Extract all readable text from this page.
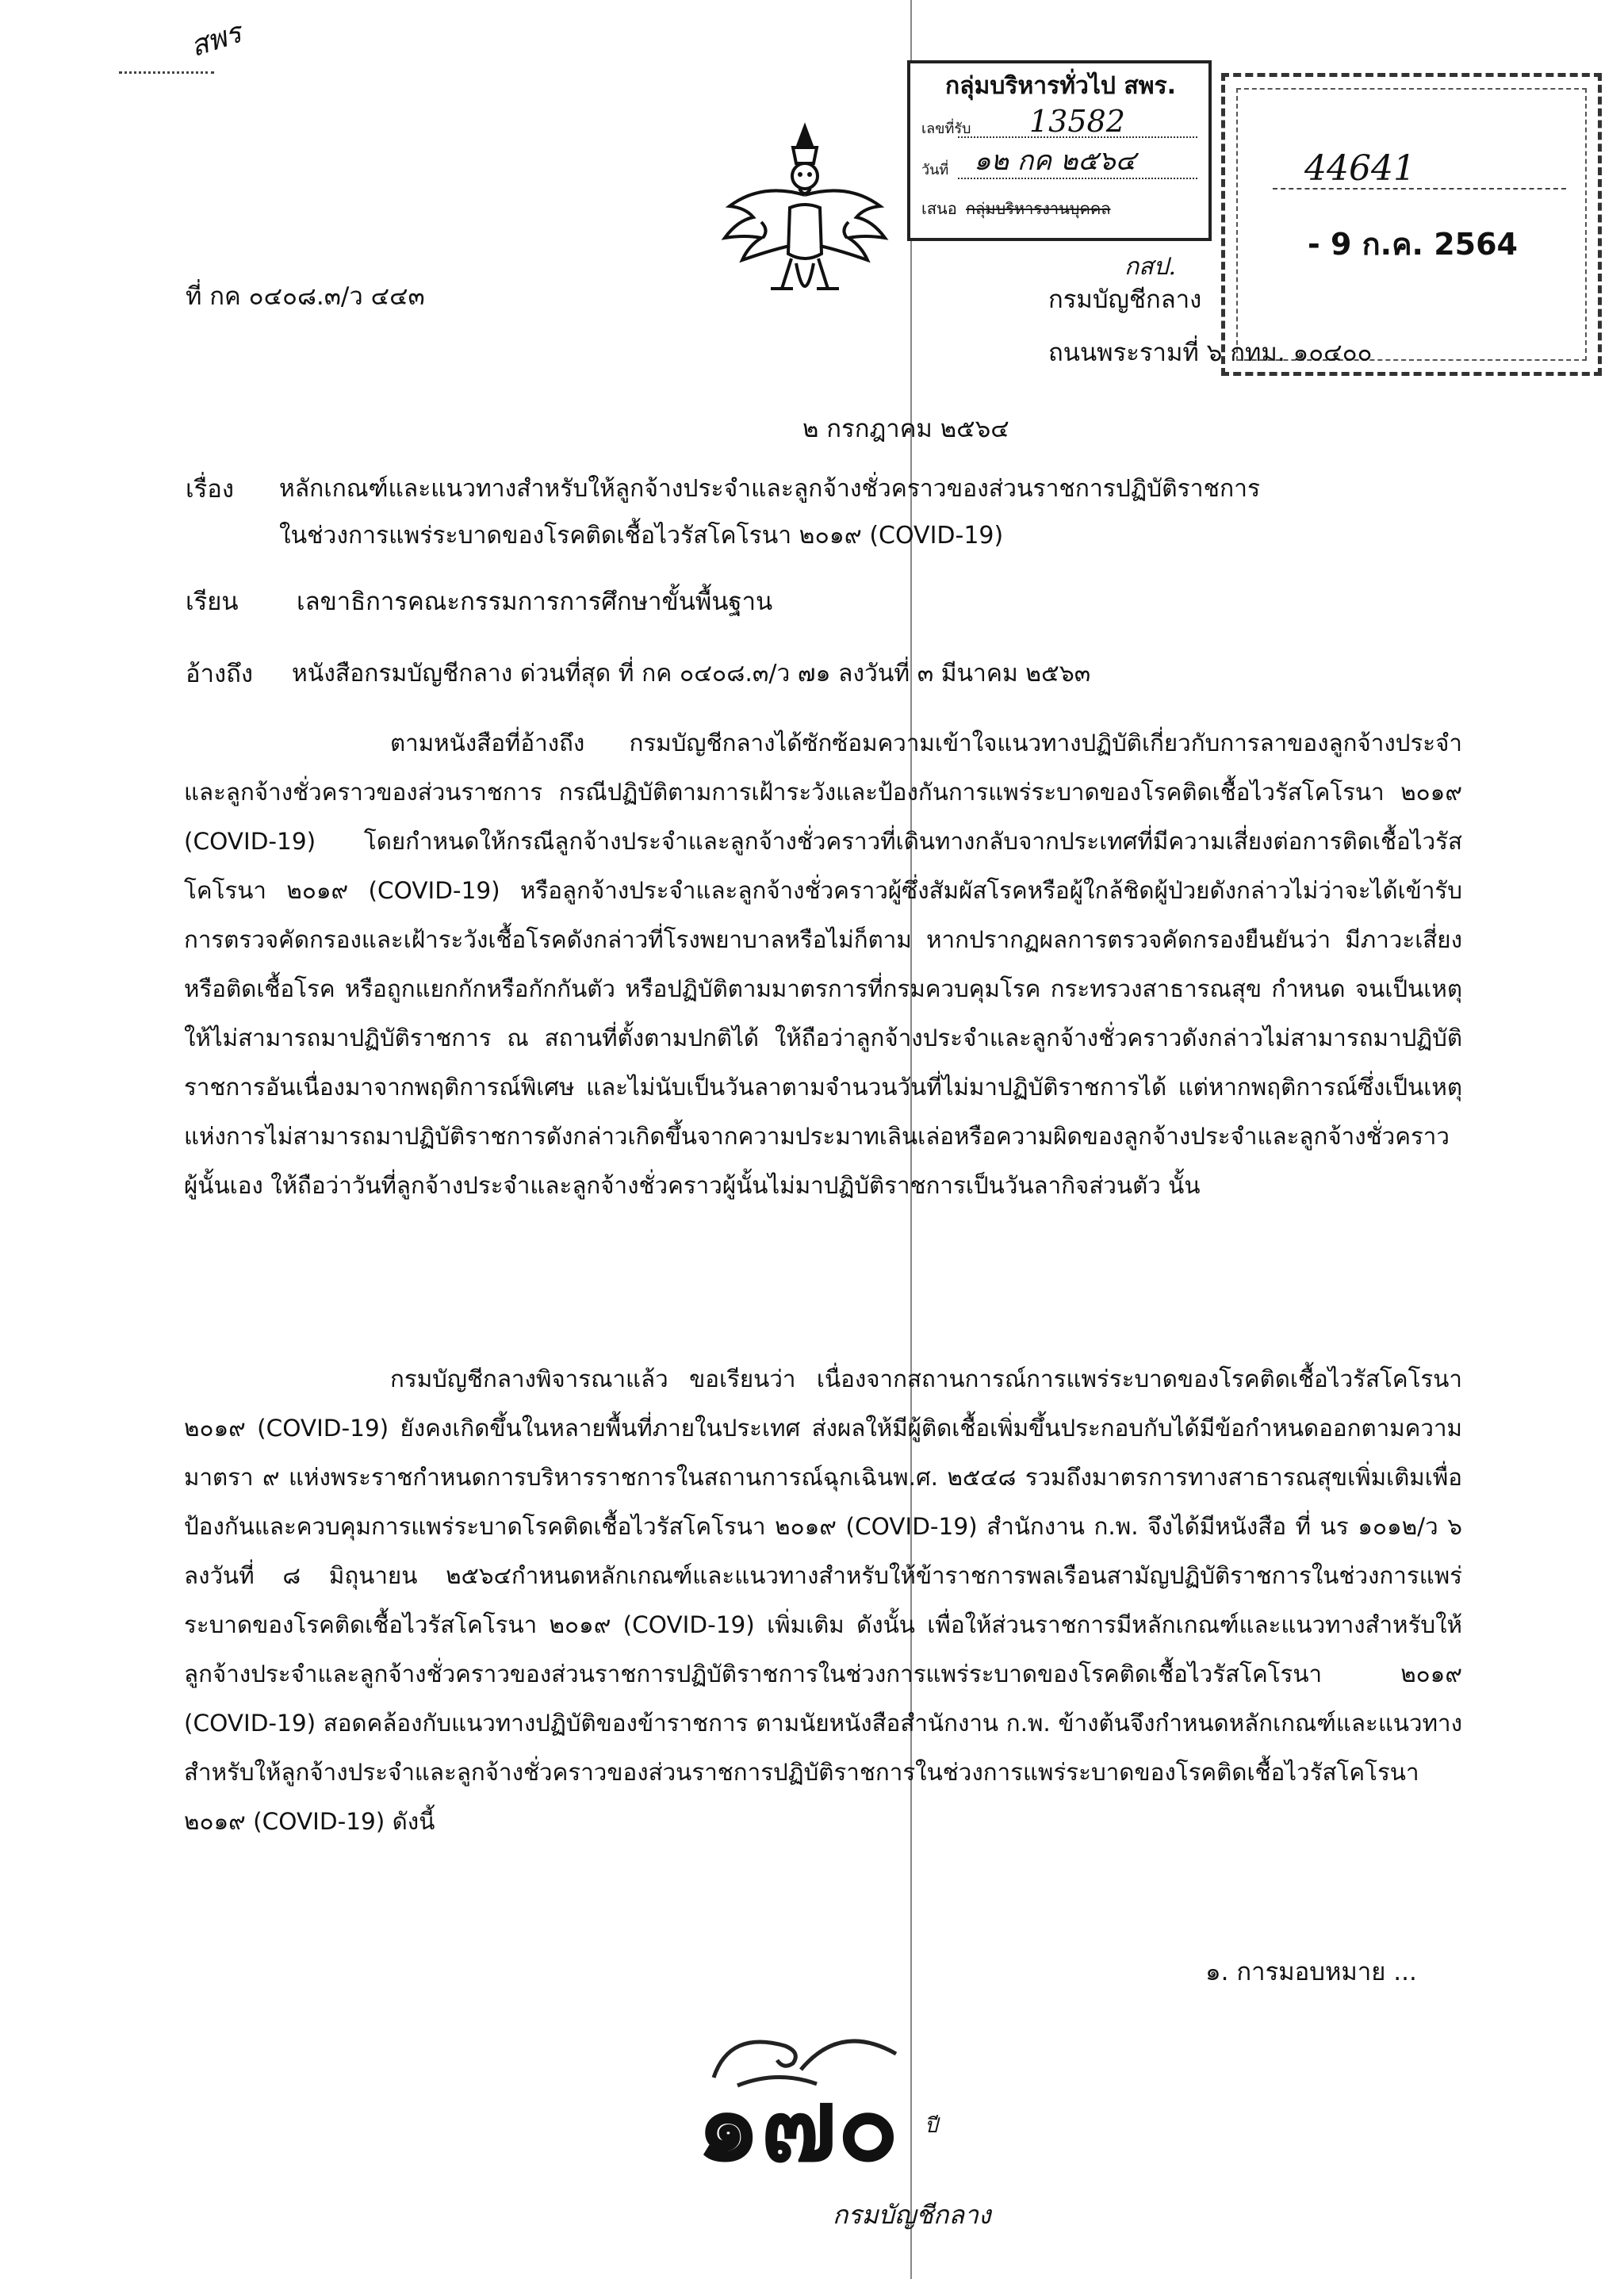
สพร
ที่ กค ๐๔๐๘.๓/ว ๔๔๓
กลุ่มบริหารทั่วไป สพร.
เลขที่รับ 13582
วันที่ ๑๒ กค ๒๕๖๔
เสนอ กลุ่มบริหารงานบุคคล
44641
- 9 ก.ค. 2564
กสป.
กรมบัญชีกลาง
ถนนพระรามที่ ๖ กทม. ๑๐๔๐๐
๒ กรกฎาคม ๒๕๖๔
เรื่อง หลักเกณฑ์และแนวทางสำหรับให้ลูกจ้างประจำและลูกจ้างชั่วคราวของส่วนราชการปฏิบัติราชการ
ในช่วงการแพร่ระบาดของโรคติดเชื้อไวรัสโคโรนา ๒๐๑๙ (COVID-19)
เรียน เลขาธิการคณะกรรมการการศึกษาขั้นพื้นฐาน
อ้างถึง หนังสือกรมบัญชีกลาง ด่วนที่สุด ที่ กค ๐๔๐๘.๓/ว ๗๑ ลงวันที่ ๓ มีนาคม ๒๕๖๓
ตามหนังสือที่อ้างถึง กรมบัญชีกลางได้ซักซ้อมความเข้าใจแนวทางปฏิบัติเกี่ยวกับการลาของลูกจ้างประจำและลูกจ้างชั่วคราวของส่วนราชการ กรณีปฏิบัติตามการเฝ้าระวังและป้องกันการแพร่ระบาดของโรคติดเชื้อไวรัสโคโรนา ๒๐๑๙ (COVID-19) โดยกำหนดให้กรณีลูกจ้างประจำและลูกจ้างชั่วคราวที่เดินทางกลับจากประเทศที่มีความเสี่ยงต่อการติดเชื้อไวรัสโคโรนา ๒๐๑๙ (COVID-19) หรือลูกจ้างประจำและลูกจ้างชั่วคราวผู้ซึ่งสัมผัสโรคหรือผู้ใกล้ชิดผู้ป่วยดังกล่าวไม่ว่าจะได้เข้ารับการตรวจคัดกรองและเฝ้าระวังเชื้อโรคดังกล่าวที่โรงพยาบาลหรือไม่ก็ตาม หากปรากฏผลการตรวจคัดกรองยืนยันว่า มีภาวะเสี่ยงหรือติดเชื้อโรค หรือถูกแยกกักหรือกักกันตัว หรือปฏิบัติตามมาตรการที่กรมควบคุมโรค กระทรวงสาธารณสุข กำหนด จนเป็นเหตุให้ไม่สามารถมาปฏิบัติราชการ ณ สถานที่ตั้งตามปกติได้ ให้ถือว่าลูกจ้างประจำและลูกจ้างชั่วคราวดังกล่าวไม่สามารถมาปฏิบัติราชการอันเนื่องมาจากพฤติการณ์พิเศษ และไม่นับเป็นวันลาตามจำนวนวันที่ไม่มาปฏิบัติราชการได้ แต่หากพฤติการณ์ซึ่งเป็นเหตุแห่งการไม่สามารถมาปฏิบัติราชการดังกล่าวเกิดขึ้นจากความประมาทเลินเล่อหรือความผิดของลูกจ้างประจำและลูกจ้างชั่วคราวผู้นั้นเอง ให้ถือว่าวันที่ลูกจ้างประจำและลูกจ้างชั่วคราวผู้นั้นไม่มาปฏิบัติราชการเป็นวันลากิจส่วนตัว นั้น
กรมบัญชีกลางพิจารณาแล้ว ขอเรียนว่า เนื่องจากสถานการณ์การแพร่ระบาดของโรคติดเชื้อไวรัสโคโรนา ๒๐๑๙ (COVID-19) ยังคงเกิดขึ้นในหลายพื้นที่ภายในประเทศ ส่งผลให้มีผู้ติดเชื้อเพิ่มขึ้นประกอบกับได้มีข้อกำหนดออกตามความมาตรา ๙ แห่งพระราชกำหนดการบริหารราชการในสถานการณ์ฉุกเฉินพ.ศ. ๒๕๔๘ รวมถึงมาตรการทางสาธารณสุขเพิ่มเติมเพื่อป้องกันและควบคุมการแพร่ระบาดโรคติดเชื้อไวรัสโคโรนา ๒๐๑๙ (COVID-19) สำนักงาน ก.พ. จึงได้มีหนังสือ ที่ นร ๑๐๑๒/ว ๖ ลงวันที่ ๘ มิถุนายน ๒๕๖๔กำหนดหลักเกณฑ์และแนวทางสำหรับให้ข้าราชการพลเรือนสามัญปฏิบัติราชการในช่วงการแพร่ระบาดของโรคติดเชื้อไวรัสโคโรนา ๒๐๑๙ (COVID-19) เพิ่มเติม ดังนั้น เพื่อให้ส่วนราชการมีหลักเกณฑ์และแนวทางสำหรับให้ลูกจ้างประจำและลูกจ้างชั่วคราวของส่วนราชการปฏิบัติราชการในช่วงการแพร่ระบาดของโรคติดเชื้อไวรัสโคโรนา ๒๐๑๙ (COVID-19) สอดคล้องกับแนวทางปฏิบัติของข้าราชการ ตามนัยหนังสือสำนักงาน ก.พ. ข้างต้นจึงกำหนดหลักเกณฑ์และแนวทางสำหรับให้ลูกจ้างประจำและลูกจ้างชั่วคราวของส่วนราชการปฏิบัติราชการในช่วงการแพร่ระบาดของโรคติดเชื้อไวรัสโคโรนา ๒๐๑๙ (COVID-19) ดังนี้
๑. การมอบหมาย ...
๑๗๐ ปี
กรมบัญชีกลาง
